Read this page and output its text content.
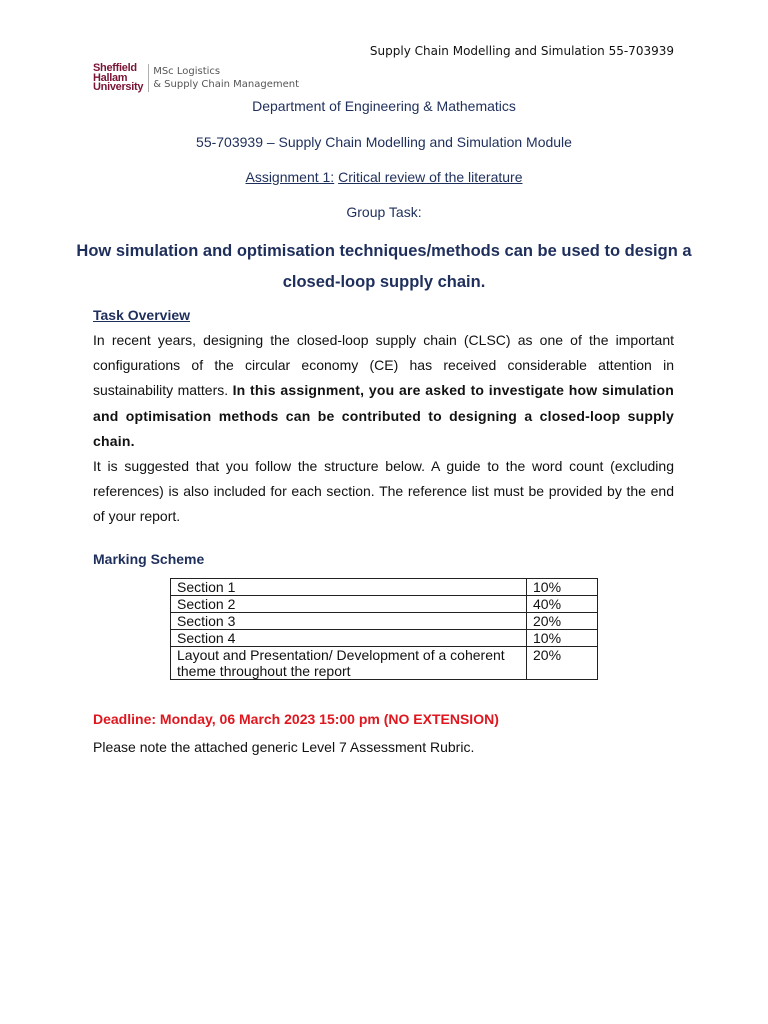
Supply Chain Modelling and Simulation 55-703939
Sheffield
Hallam
University
MSc Logistics
& Supply Chain Management
Department of Engineering & Mathematics
55-703939 – Supply Chain Modelling and Simulation Module
Assignment 1: Critical review of the literature
Group Task:
How simulation and optimisation techniques/methods can be used to design a closed-loop supply chain.
Task Overview
In recent years, designing the closed-loop supply chain (CLSC) as one of the important configurations of the circular economy (CE) has received considerable attention in sustainability matters. In this assignment, you are asked to investigate how simulation and optimisation methods can be contributed to designing a closed-loop supply chain.
It is suggested that you follow the structure below. A guide to the word count (excluding references) is also included for each section. The reference list must be provided by the end of your report.
Marking Scheme
Section 1	10%
Section 2	40%
Section 3	20%
Section 4	10%
Layout and Presentation/ Development of a coherent theme throughout the report	20%
Deadline: Monday, 06 March 2023 15:00 pm (NO EXTENSION)
Please note the attached generic Level 7 Assessment Rubric.
